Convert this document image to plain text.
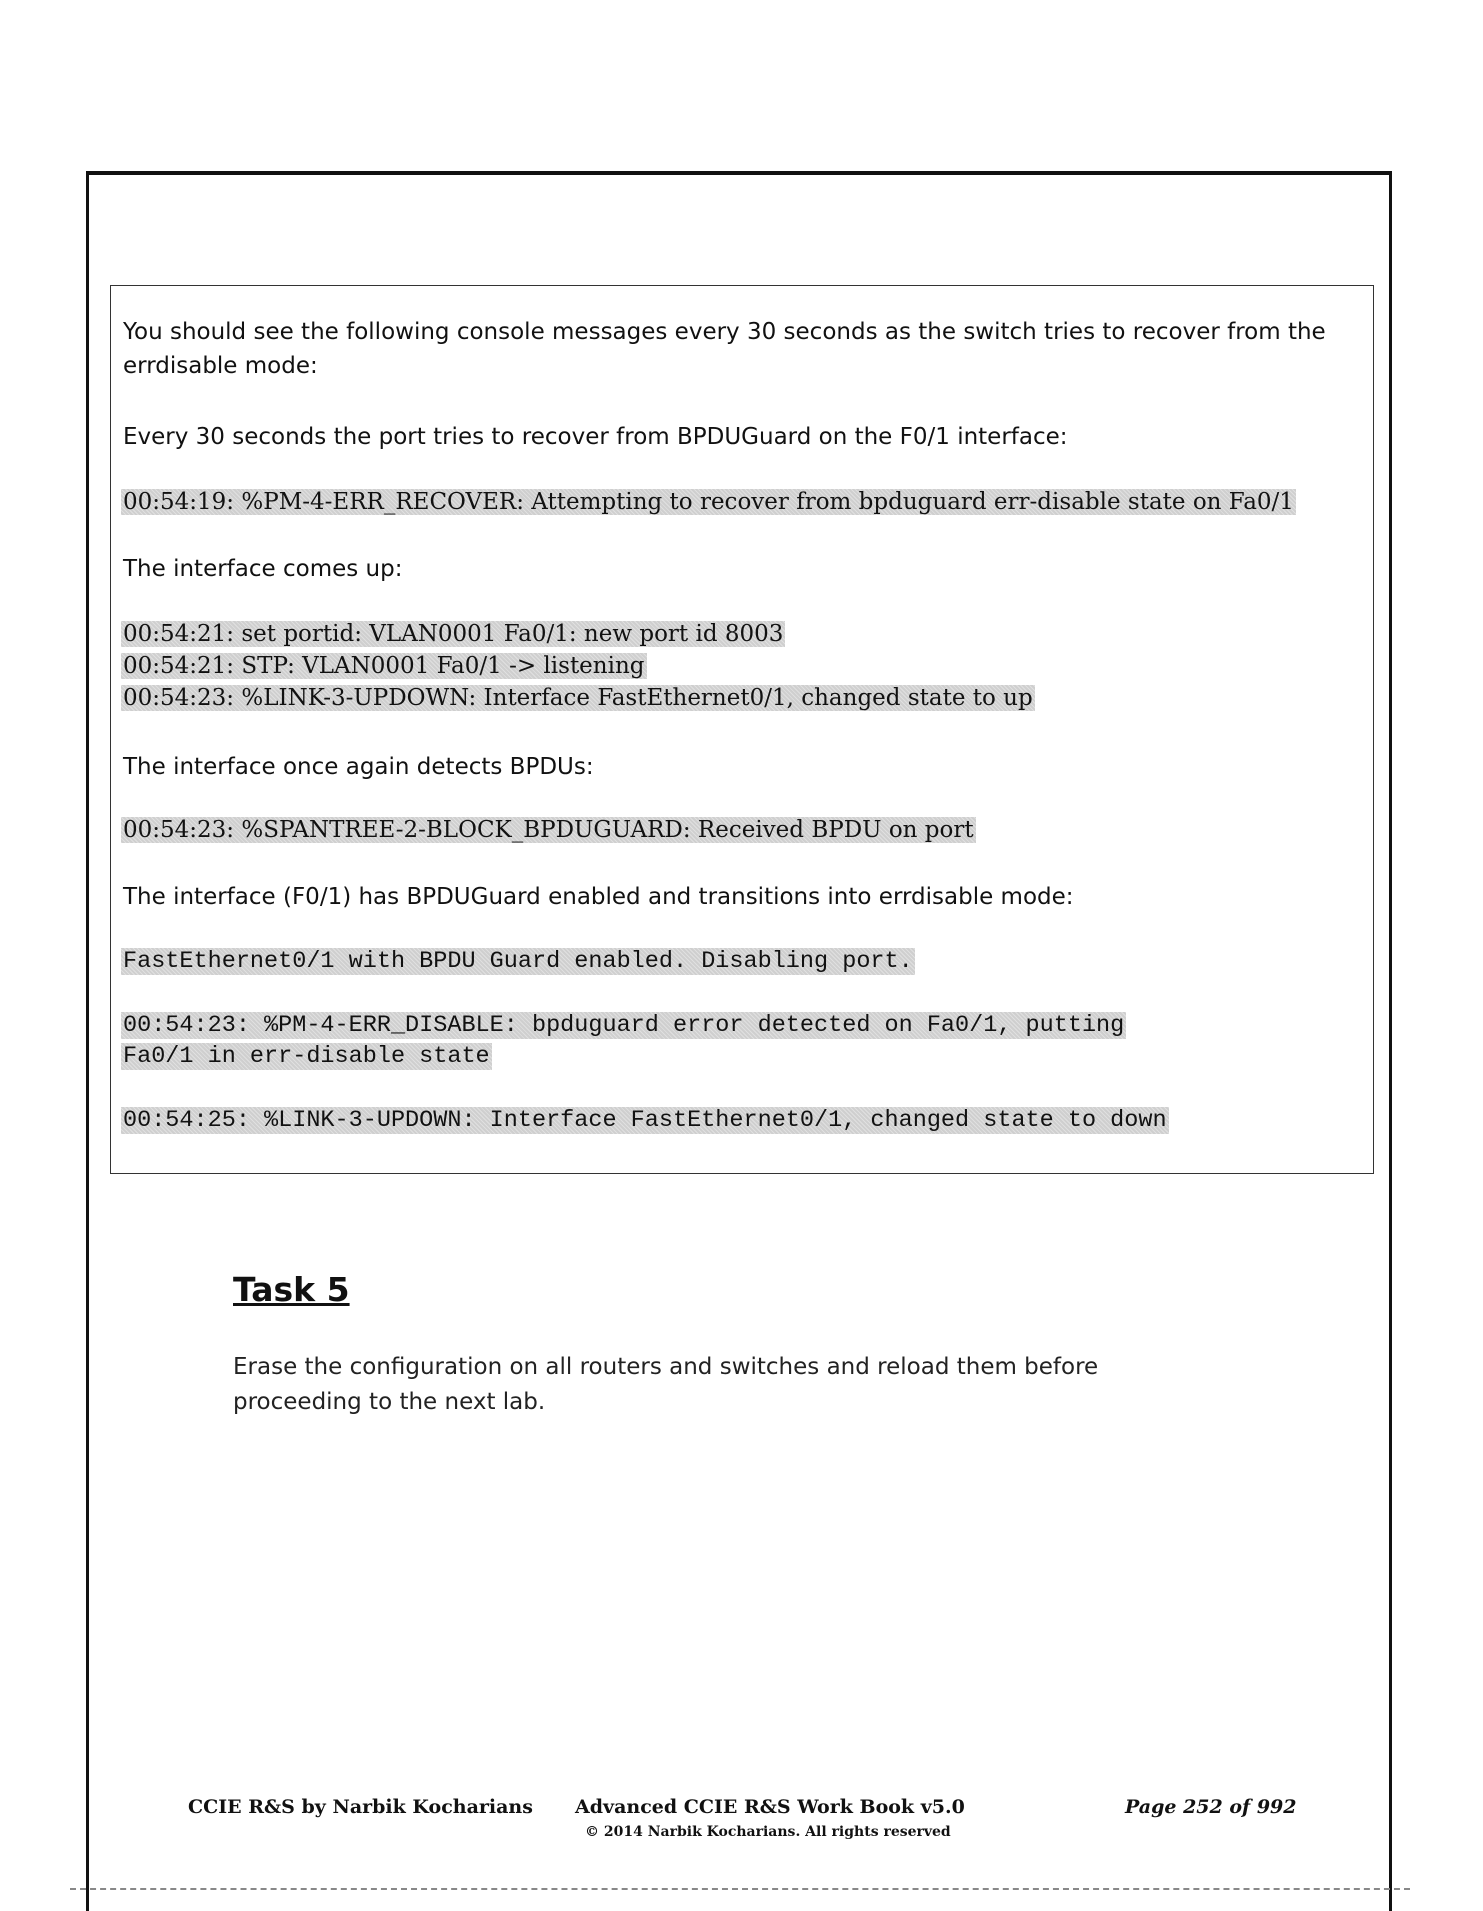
You should see the following console messages every 30 seconds as the switch tries to recover from the errdisable mode:

Every 30 seconds the port tries to recover from BPDUGuard on the F0/1 interface:

00:54:19: %PM-4-ERR_RECOVER: Attempting to recover from bpduguard err-disable state on Fa0/1

The interface comes up:

00:54:21: set portid: VLAN0001 Fa0/1: new port id 8003
00:54:21: STP: VLAN0001 Fa0/1 -> listening
00:54:23: %LINK-3-UPDOWN: Interface FastEthernet0/1, changed state to up

The interface once again detects BPDUs:

00:54:23: %SPANTREE-2-BLOCK_BPDUGUARD: Received BPDU on port

The interface (F0/1) has BPDUGuard enabled and transitions into errdisable mode:

FastEthernet0/1 with BPDU Guard enabled. Disabling port.
00:54:23: %PM-4-ERR_DISABLE: bpduguard error detected on Fa0/1, putting
Fa0/1 in err-disable state
00:54:25: %LINK-3-UPDOWN: Interface FastEthernet0/1, changed state to down
Task 5

Erase the configuration on all routers and switches and reload them before proceeding to the next lab.

CCIE R&S by Narbik Kocharians Advanced CCIE R&S Work Book v5.0
© 2014 Narbik Kocharians. All rights reserved
Page 252 of 992
